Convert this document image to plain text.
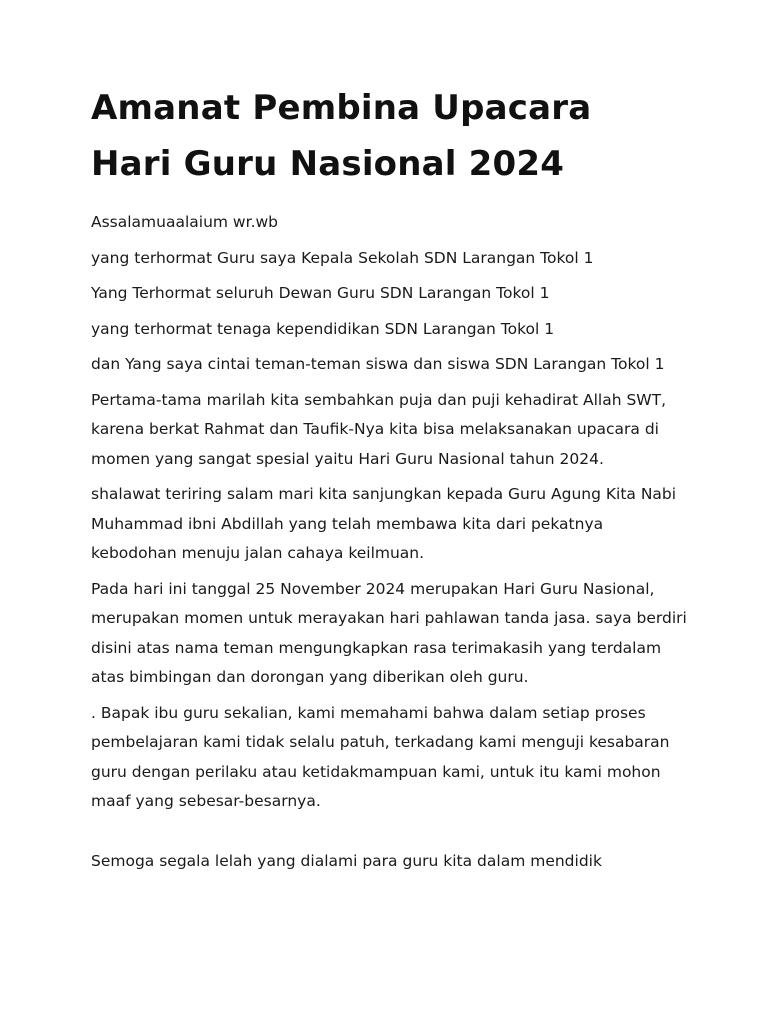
Amanat Pembina Upacara
Hari Guru Nasional 2024

Assalamuaalaium wr.wb

yang terhormat Guru saya Kepala Sekolah SDN Larangan Tokol 1

Yang Terhormat seluruh Dewan Guru SDN Larangan Tokol 1

yang terhormat tenaga kependidikan SDN Larangan Tokol 1

dan Yang saya cintai teman-teman siswa dan siswa SDN Larangan Tokol 1

Pertama-tama marilah kita sembahkan puja dan puji kehadirat Allah SWT, karena berkat Rahmat dan Taufik-Nya kita bisa melaksanakan upacara di momen yang sangat spesial yaitu Hari Guru Nasional tahun 2024.

shalawat teriring salam mari kita sanjungkan kepada Guru Agung Kita Nabi Muhammad ibni Abdillah yang telah membawa kita dari pekatnya kebodohan menuju jalan cahaya keilmuan.

Pada hari ini tanggal 25 November 2024 merupakan Hari Guru Nasional, merupakan momen untuk merayakan hari pahlawan tanda jasa. saya berdiri disini atas nama teman mengungkapkan rasa terimakasih yang terdalam atas bimbingan dan dorongan yang diberikan oleh guru.

. Bapak ibu guru sekalian, kami memahami bahwa dalam setiap proses pembelajaran kami tidak selalu patuh, terkadang kami menguji kesabaran guru dengan perilaku atau ketidakmampuan kami, untuk itu kami mohon maaf yang sebesar-besarnya.

Semoga segala lelah yang dialami para guru kita dalam mendidik
